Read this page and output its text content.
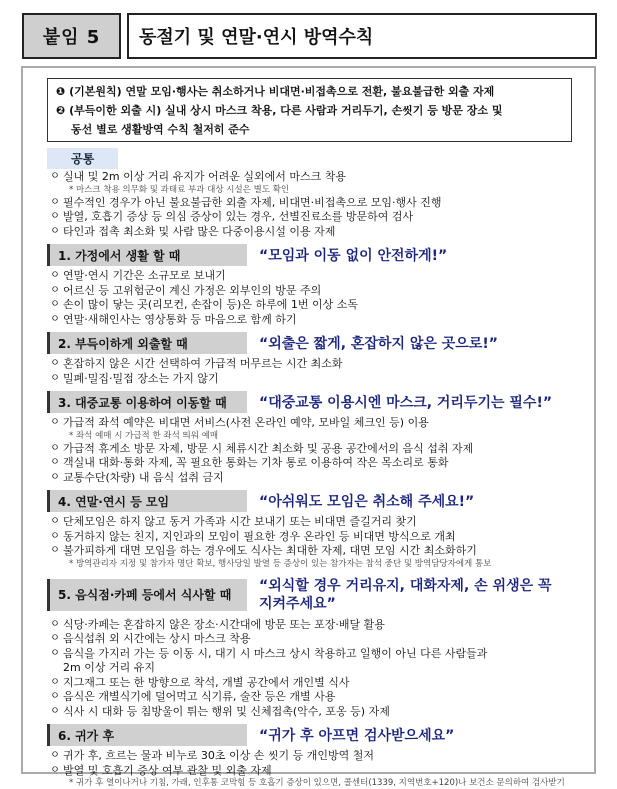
붙임 5	동절기 및 연말·연시 방역수칙
❶ (기본원칙) 연말 모임·행사는 취소하거나 비대면·비접촉으로 전환, 불요불급한 외출 자제
❷ (부득이한 외출 시) 실내 상시 마스크 착용, 다른 사람과 거리두기, 손씻기 등 방문 장소 및
동선 별로 생활방역 수칙 철저히 준수
공통
ㅇ 실내 및 2m 이상 거리 유지가 어려운 실외에서 마스크 착용
* 마스크 착용 의무화 및 과태료 부과 대상 시설은 별도 확인
ㅇ 필수적인 경우가 아닌 불요불급한 외출 자제, 비대면·비접촉으로 모임·행사 진행
ㅇ 발열, 호흡기 증상 등 의심 증상이 있는 경우, 선별진료소를 방문하여 검사
ㅇ 타인과 접촉 최소화 및 사람 많은 다중이용시설 이용 자제
1. 가정에서 생활 할 때	“모임과 이동 없이 안전하게!”
ㅇ 연말·연시 기간은 소규모로 보내기
ㅇ 어르신 등 고위험군이 계신 가정은 외부인의 방문 주의
ㅇ 손이 많이 닿는 곳(리모컨, 손잡이 등)은 하루에 1번 이상 소독
ㅇ 연말·새해인사는 영상통화 등 마음으로 함께 하기
2. 부득이하게 외출할 때	“외출은 짧게, 혼잡하지 않은 곳으로!”
ㅇ 혼잡하지 않은 시간 선택하여 가급적 머무르는 시간 최소화
ㅇ 밀폐·밀집·밀접 장소는 가지 않기
3. 대중교통 이용하여 이동할 때	“대중교통 이용시엔 마스크, 거리두기는 필수!”
ㅇ 가급적 좌석 예약은 비대면 서비스(사전 온라인 예약, 모바일 체크인 등) 이용
* 좌석 예매 시 가급적 한 좌석 띄워 예매
ㅇ 가급적 휴게소 방문 자제, 방문 시 체류시간 최소화 및 공용 공간에서의 음식 섭취 자제
ㅇ 객실내 대화·통화 자제, 꼭 필요한 통화는 기차 통로 이용하여 작은 목소리로 통화
ㅇ 교통수단(차량) 내 음식 섭취 금지
4. 연말·연시 등 모임	“아쉬워도 모임은 취소해 주세요!”
ㅇ 단체모임은 하지 않고 동거 가족과 시간 보내기 또는 비대면 즐길거리 찾기
ㅇ 동거하지 않는 친지, 지인과의 모임이 필요한 경우 온라인 등 비대면 방식으로 개최
ㅇ 불가피하게 대면 모임을 하는 경우에도 식사는 최대한 자제, 대면 모임 시간 최소화하기
* 방역관리자 지정 및 참가자 명단 확보, 행사당일 발열 등 증상이 있는 참가자는 참석 중단 및 방역담당자에게 통보
5. 음식점·카페 등에서 식사할 때
“외식할 경우 거리유지, 대화자제, 손 위생은 꼭 지켜주세요”
ㅇ 식당·카페는 혼잡하지 않은 장소·시간대에 방문 또는 포장·배달 활용
ㅇ 음식섭취 외 시간에는 상시 마스크 착용
ㅇ 음식을 가지러 가는 등 이동 시, 대기 시 마스크 상시 착용하고 일행이 아닌 다른 사람들과
2m 이상 거리 유지
ㅇ 지그재그 또는 한 방향으로 착석, 개별 공간에서 개인별 식사
ㅇ 음식은 개별식기에 덜어먹고 식기류, 술잔 등은 개별 사용
ㅇ 식사 시 대화 등 침방울이 튀는 행위 및 신체접촉(악수, 포옹 등) 자제
6. 귀가 후	“귀가 후 아프면 검사받으세요”
ㅇ 귀가 후, 흐르는 물과 비누로 30초 이상 손 씻기 등 개인방역 철저
ㅇ 발열 및 호흡기 증상 여부 관찰 및 외출 자제
* 귀가 후 열이나거나 기침, 가래, 인후통 코막힘 등 호흡기 증상이 있으면, 콜센터(1339, 지역번호+120)나 보건소 문의하여 검사받기
